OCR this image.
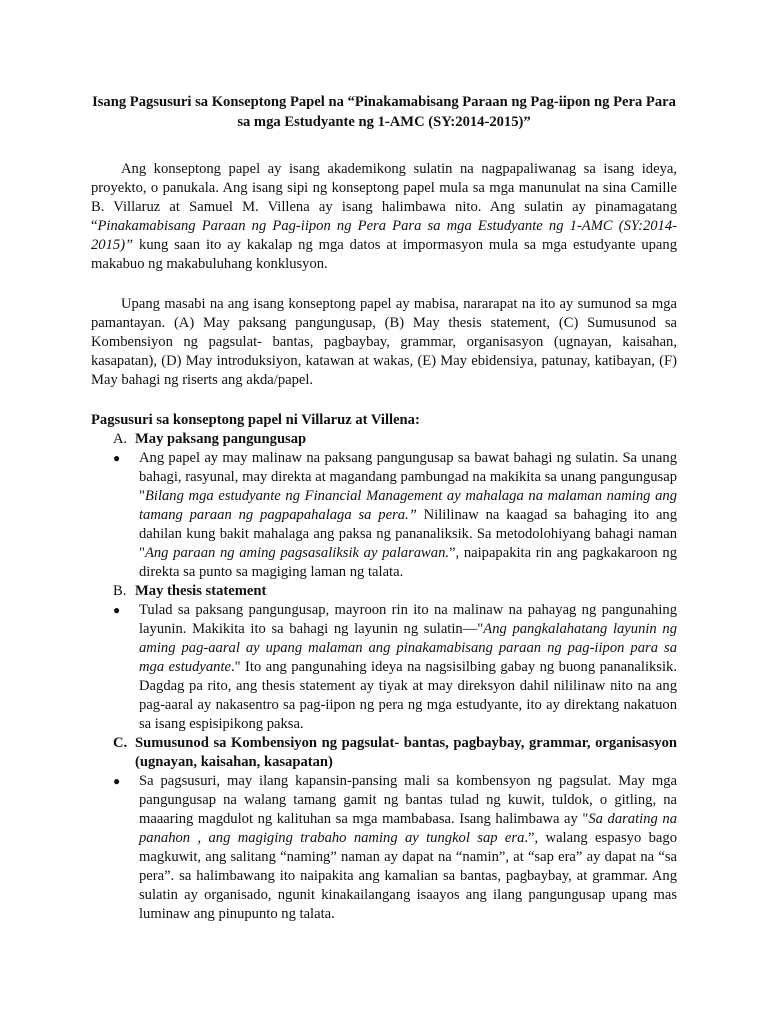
Isang Pagsusuri sa Konseptong Papel na “Pinakamabisang Paraan ng Pag-iipon ng Pera Para sa mga Estudyante ng 1-AMC (SY:2014-2015)”

Ang konseptong papel ay isang akademikong sulatin na nagpapaliwanag sa isang ideya, proyekto, o panukala. Ang isang sipi ng konseptong papel mula sa mga manunulat na sina Camille B. Villaruz at Samuel M. Villena ay isang halimbawa nito. Ang sulatin ay pinamagatang “Pinakamabisang Paraan ng Pag-iipon ng Pera Para sa mga Estudyante ng 1-AMC (SY:2014-2015)” kung saan ito ay kakalap ng mga datos at impormasyon mula sa mga estudyante upang makabuo ng makabuluhang konklusyon.

Upang masabi na ang isang konseptong papel ay mabisa, nararapat na ito ay sumunod sa mga pamantayan. (A) May paksang pangungusap, (B) May thesis statement, (C) Sumusunod sa Kombensiyon ng pagsulat- bantas, pagbaybay, grammar, organisasyon (ugnayan, kaisahan, kasapatan), (D) May introduksiyon, katawan at wakas, (E) May ebidensiya, patunay, katibayan, (F) May bahagi ng riserts ang akda/papel.

Pagsusuri sa konseptong papel ni Villaruz at Villena:

A. May paksang pangungusap

● Ang papel ay may malinaw na paksang pangungusap sa bawat bahagi ng sulatin. Sa unang bahagi, rasyunal, may direkta at magandang pambungad na makikita sa unang pangungusap "Bilang mga estudyante ng Financial Management ay mahalaga na malaman naming ang tamang paraan ng pagpapahalaga sa pera.” Nililinaw na kaagad sa bahaging ito ang dahilan kung bakit mahalaga ang paksa ng pananaliksik. Sa metodolohiyang bahagi naman "Ang paraan ng aming pagsasaliksik ay palarawan.”, naipapakita rin ang pagkakaroon ng direkta sa punto sa magiging laman ng talata.

B. May thesis statement

● Tulad sa paksang pangungusap, mayroon rin ito na malinaw na pahayag ng pangunahing layunin. Makikita ito sa bahagi ng layunin ng sulatin—"Ang pangkalahatang layunin ng aming pag-aaral ay upang malaman ang pinakamabisang paraan ng pag-iipon para sa mga estudyante." Ito ang pangunahing ideya na nagsisilbing gabay ng buong pananaliksik. Dagdag pa rito, ang thesis statement ay tiyak at may direksyon dahil nililinaw nito na ang pag-aaral ay nakasentro sa pag-iipon ng pera ng mga estudyante, ito ay direktang nakatuon sa isang espisipikong paksa.

C. Sumusunod sa Kombensiyon ng pagsulat- bantas, pagbaybay, grammar, organisasyon (ugnayan, kaisahan, kasapatan)

● Sa pagsusuri, may ilang kapansin-pansing mali sa kombensyon ng pagsulat. May mga pangungusap na walang tamang gamit ng bantas tulad ng kuwit, tuldok, o gitling, na maaaring magdulot ng kalituhan sa mga mambabasa. Isang halimbawa ay "Sa darating na panahon , ang magiging trabaho naming ay tungkol sap era.”, walang espasyo bago magkuwit, ang salitang “naming” naman ay dapat na “namin”, at “sap era” ay dapat na “sa pera”. sa halimbawang ito naipakita ang kamalian sa bantas, pagbaybay, at grammar. Ang sulatin ay organisado, ngunit kinakailangang isaayos ang ilang pangungusap upang mas luminaw ang pinupunto ng talata.
